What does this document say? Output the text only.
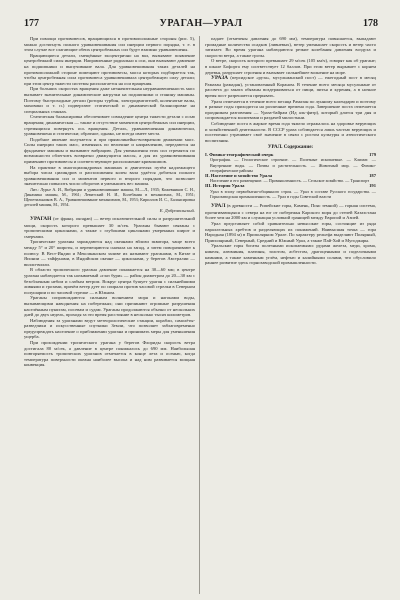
177	УРАГАН—УРАЛ	178

При помощи противовесов, вращающихся в противоположные стороны (рис. 5), можно достигнуть полного уравновешивания сил инерции первого порядка, т. е. в этом случае все слагающие обеих центробежных сил будут взаимно уравновешены.

Вращающиеся детали, смещённые эксцентрично на вал, вызывают появление центробежной силы инерции. Направленные радиально к оси, они вызывают давление на подшипники и выпучивание вала. Для уравновешивания таких деталей на противоположной стороне помещают противовесы, масса которых подбирается так, чтобы центробежная сила противовеса уравновешивала центробежную силу детали; при этом центр тяжести системы располагается на оси вращения.

При больших скоростях вращения даже незначительная неуравновешенность масс вызывает значительные динамические нагрузки на подшипники и станину машины. Поэтому быстроходные детали (роторы турбин, электродвигателей, коленчатые валы, маховики и т. п.) подвергают статической и динамической балансировке на специальных станках.

Статическая балансировка обеспечивает совпадение центра тяжести детали с осью вращения; динамическая — также и отсутствие моментов центробежных сил инерции, стремящихся повернуть ось вращения. Деталь, уравновешенная динамически, уравновешена и статически; обратное, однако, не всегда имеет места.

Подобное явление получается и при прямолинейно-возвратном движении масс. Силы инерции таких масс, изменяясь по величине и направлению, передаются на фундамент машины и вызывают вибрацию. Для уменьшения этих сил стремятся по возможности облегчить возвратно движущиеся массы, а для их уравновешивания применяют противовесы и соответствующее расположение кривошипов.

На практике в многоцилиндровых машинах и двигателях путём надлежащего выбора числа цилиндров и расположения колен вала удаётся добиться полного уравновешивания сил и моментов первого и второго порядков, что позволяет значительно повысить число оборотов и уменьшить вес машин.

Лит.: Лурье А. И., Вибрации и уравновешивание машин, М.—Л., 1935; Кожевников С. Н., Динамика машин, М., 1961; Левитский Н. И., Колебания в механизмах, М., 1951; Щепетильников В. А., Уравновешивание механизмов, М., 1953; Кириллов И. С., Балансировка деталей машин, М., 1954.

Е. Добровольский.

УРАГАН (от франц. ouragan) — ветер исключительной силы и разрушительной мощи, скорость которого превышает 30 м/сек. Ураганы бывают связаны с тропическими циклонами, а также с глубокими циклонами умеренных широт и смерчами.

Тропические ураганы зарождаются над океанами вблизи экватора, чаще всего между 5° и 20° широты, и перемещаются сначала на запад, а затем поворачивают к полюсу. В Вест-Индии и Мексиканском заливе их называют ураганами, в Китае и Японии — тайфунами, в Индийском океане — циклонами, у берегов Австралии — вилли-вилли.

В области тропического урагана давление понижается на 30—60 мм; в центре урагана наблюдается так называемый «глаз бури» — район диаметром до 20—30 км с безоблачным небом и слабым ветром. Вокруг центра бушует ураган с сильнейшими ливнями и грозами, причём ветер дует по спирали против часовой стрелки в Северном полушарии и по часовой стрелке — в Южном.

Ураганы сопровождаются сильным волнением моря и нагонами воды, вызывающими наводнения на побережьях; они причиняют огромные разрушения населённым пунктам, посевам и судам. Ураганы продолжаются обычно от нескольких дней до двух недель, проходя за это время расстояние в несколько тысяч километров.

Наблюдения за ураганами ведут метеорологические станции, корабли, самолёты-разведчики и искусственные спутники Земли, что позволяет заблаговременно предупреждать население о приближении урагана и принимать меры для уменьшения ущерба.

При прохождении тропического урагана у берегов Флориды скорость ветра достигала 80 м/сек, а давление в центре понижалось до 690 мм. Наибольшая повторяемость тропических ураганов отмечается в конце лета и осенью, когда температура поверхности океана наиболее высока и над ним развивается мощная конвекция.

падает (отмечены давления до 690 мм), температура повышается, выпадают громадные количества осадков (ливневых), ветер уменьшает скорость и ветер часто затихает. Во время урагана наблюдаются резкие колебания давления воздуха и скорости ветра, а также грозы.

О ветре, скорость которого превышает 29 м/сек (105 км/ч), говорят как об урагане; в шкале Бофорта ему соответствует 12 баллов. При этом ветер вырывает с корнем деревья, разрушает строения и вызывает сильнейшее волнение на море.

УРАЗА (персидское «руза», мусульманский пост) — ежегодный пост в месяц Рамазан (рамадан), установленный Кораном. В течение всего месяца мусульмане от рассвета до заката обязаны воздерживаться от пищи, питья и курения, а в ночное время пост разрешается прерывать.

Ураза отмечается в течение всего месяца Рамазан по лунному календарю и поэтому в разные годы приходится на различные времена года. Завершение поста отмечается праздником разговения — Ураза-байрам (Ид аль-фитр), который длится три дня и сопровождается молитвами и раздачей милостыни.

Соблюдение поста в жаркое время года тяжело отражалось на здоровье верующих и хозяйственной деятельности. В СССР ураза соблюдается лишь частью верующих и постепенно утрачивает своё значение в связи с ростом культуры и атеистического воспитания.

УРАЛ. Содержание:
I. Физико-географический очерк	179
Орография. — Геологическое строение. — Полезные ископаемые. — Климат. — Внутренние воды. — Почвы и растительность. — Животный мир. — Физико-географические районы
II. Население и хозяйство Урала	187
Население и его размещение. — Промышленность. — Сельское хозяйство. — Транспорт
III. История Урала	191
Урал в эпоху первобытно-общинного строя. — Урал в составе Русского государства. — Горнозаводская промышленность. — Урал в годы Советской власти

УРАЛ (в древности — Рипейские горы, Камень, Пояс земной) — горная система, протягивающаяся с севера на юг от побережья Карского моря до степей Казахстана более чем на 2000 км и служащая условной границей между Европой и Азией.

Урал представляет собой сравнительно невысокие горы, состоящие из ряда параллельных хребтов и разделяющих их понижений. Наивысшая точка — гора Народная (1894 м) в Приполярном Урале. По характеру рельефа выделяют Полярный, Приполярный, Северный, Средний и Южный Урал, а также Пай-Хой и Мугоджары.

Уральские горы богаты полезными ископаемыми: рудами железа, меди, хрома, никеля, алюминия, платины, золотом, асбестом, драгоценными и поделочными камнями, а также каменным углём, нефтью и калийными солями, что обусловило раннее развитие здесь горнозаводской промышленности.
